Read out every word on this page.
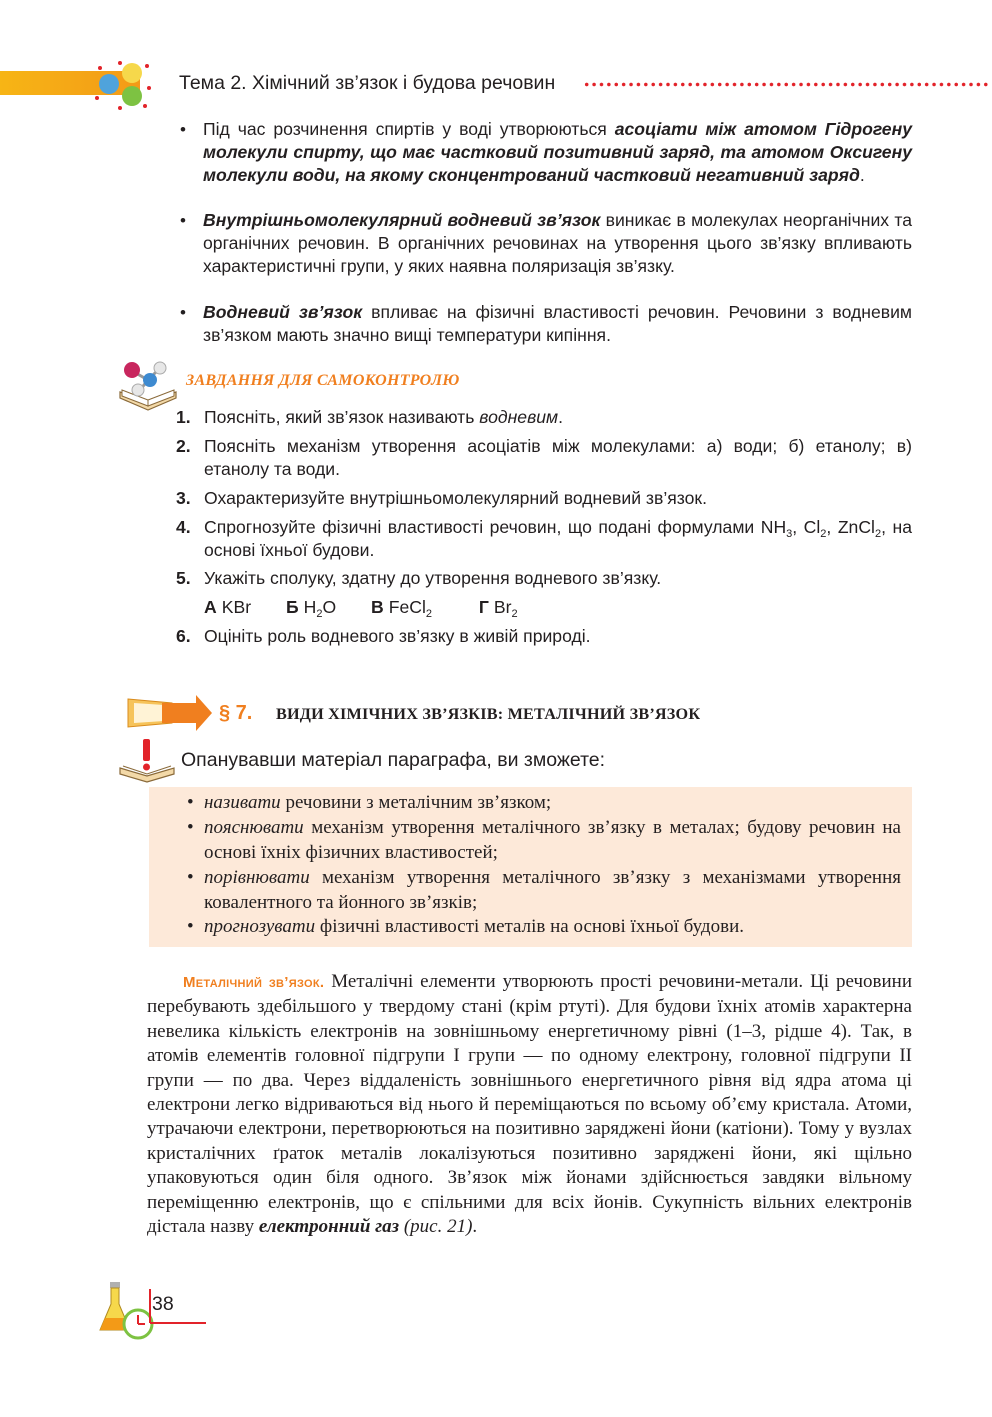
Тема 2. Хімічний зв’язок і будова речовин
• Під час розчинення спиртів у воді утворюються асоціати між атомом Гідрогену молекули спирту, що має частковий позитивний заряд, та атомом Оксигену молекули води, на якому сконцентрований частковий негативний заряд.
• Внутрішньомолекулярний водневий зв’язок виникає в молекулах неорганічних та органічних речовин. В органічних речовинах на утворення цього зв’язку впливають характеристичні групи, у яких наявна поляризація зв’язку.
• Водневий зв’язок впливає на фізичні властивості речовин. Речовини з водневим зв’язком мають значно вищі температури кипіння.
ЗАВДАННЯ ДЛЯ САМОКОНТРОЛЮ
1. Поясніть, який зв’язок називають водневим.
2. Поясніть механізм утворення асоціатів між молекулами: а) води; б) етанолу; в) етанолу та води.
3. Охарактеризуйте внутрішньомолекулярний водневий зв’язок.
4. Спрогнозуйте фізичні властивості речовин, що подані формулами $NH_3$, $Cl_2$, ZnCl$_2$, на основі їхньої будови.
5. Укажіть сполуку, здатну до утворення водневого зв’язку.
А KBr Б $H_2O$ В FeCl$_2$	Г $Br_2$
6. Оцініть роль водневого зв’язку в живій природі.
§ 7. ВИДИ ХІМІЧНИХ ЗВ’ЯЗКІВ: МЕТАЛІЧНИЙ ЗВ’ЯЗОК
Опанувавши матеріал параграфа, ви зможете:
• називати речовини з металічним зв’язком;
• пояснювати механізм утворення металічного зв’язку в металах; будову речовин на основі їхніх фізичних властивостей;
• порівнювати механізм утворення металічного зв’язку з механізмами утворення ковалентного та йонного зв’язків;
• прогнозувати фізичні властивості металів на основі їхньої будови.
Металічний зв’язок. Металічні елементи утворюють прості речовини-метали. Ці речовини перебувають здебільшого у твердому стані (крім ртуті). Для будови їхніх атомів характерна невелика кількість електронів на зовнішньому енергетичному рівні (1–3, рідше 4). Так, в атомів елементів головної підгрупи I групи — по одному електрону, головної підгрупи II групи — по два. Через віддаленість зовнішнього енергетичного рівня від ядра атома ці електрони легко відриваються від нього й переміщаються по всьому об’єму кристала. Атоми, утрачаючи електрони, перетворюються на позитивно заряджені йони (катіони). Тому у вузлах кристалічних ґраток металів локалізуються позитивно заряджені йони, які щільно упаковуються один біля одного. Зв’язок між йонами здійснюється завдяки вільному переміщенню електронів, що є спільними для всіх йонів. Сукупність вільних електронів дістала назву електронний газ (рис. 21).
38
